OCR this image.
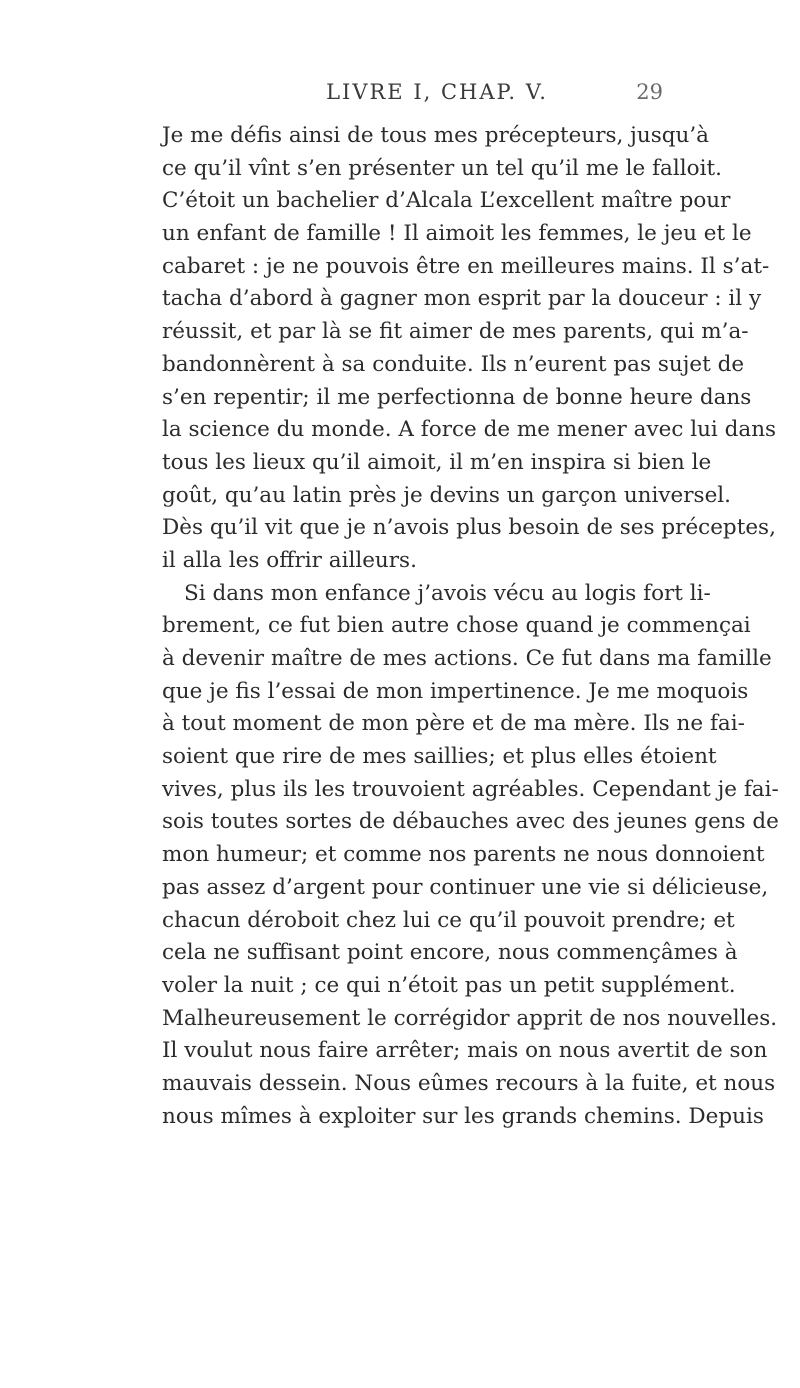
LIVRE I, CHAP. V.	29
Je me défis ainsi de tous mes précepteurs, jusqu’à
ce qu’il vînt s’en présenter un tel qu’il me le falloit.
C’étoit un bachelier d’Alcala L’excellent maître pour
un enfant de famille ! Il aimoit les femmes, le jeu et le
cabaret : je ne pouvois être en meilleures mains. Il s’at-
tacha d’abord à gagner mon esprit par la douceur : il y
réussit, et par là se fit aimer de mes parents, qui m’a-
bandonnèrent à sa conduite. Ils n’eurent pas sujet de
s’en repentir; il me perfectionna de bonne heure dans
la science du monde. A force de me mener avec lui dans
tous les lieux qu’il aimoit, il m’en inspira si bien le
goût, qu’au latin près je devins un garçon universel.
Dès qu’il vit que je n’avois plus besoin de ses préceptes,
il alla les offrir ailleurs.
Si dans mon enfance j’avois vécu au logis fort li-
brement, ce fut bien autre chose quand je commençai
à devenir maître de mes actions. Ce fut dans ma famille
que je fis l’essai de mon impertinence. Je me moquois
à tout moment de mon père et de ma mère. Ils ne fai-
soient que rire de mes saillies; et plus elles étoient
vives, plus ils les trouvoient agréables. Cependant je fai-
sois toutes sortes de débauches avec des jeunes gens de
mon humeur; et comme nos parents ne nous donnoient
pas assez d’argent pour continuer une vie si délicieuse,
chacun déroboit chez lui ce qu’il pouvoit prendre; et
cela ne suffisant point encore, nous commençâmes à
voler la nuit ; ce qui n’étoit pas un petit supplément.
Malheureusement le corrégidor apprit de nos nouvelles.
Il voulut nous faire arrêter; mais on nous avertit de son
mauvais dessein. Nous eûmes recours à la fuite, et nous
nous mîmes à exploiter sur les grands chemins. Depuis
